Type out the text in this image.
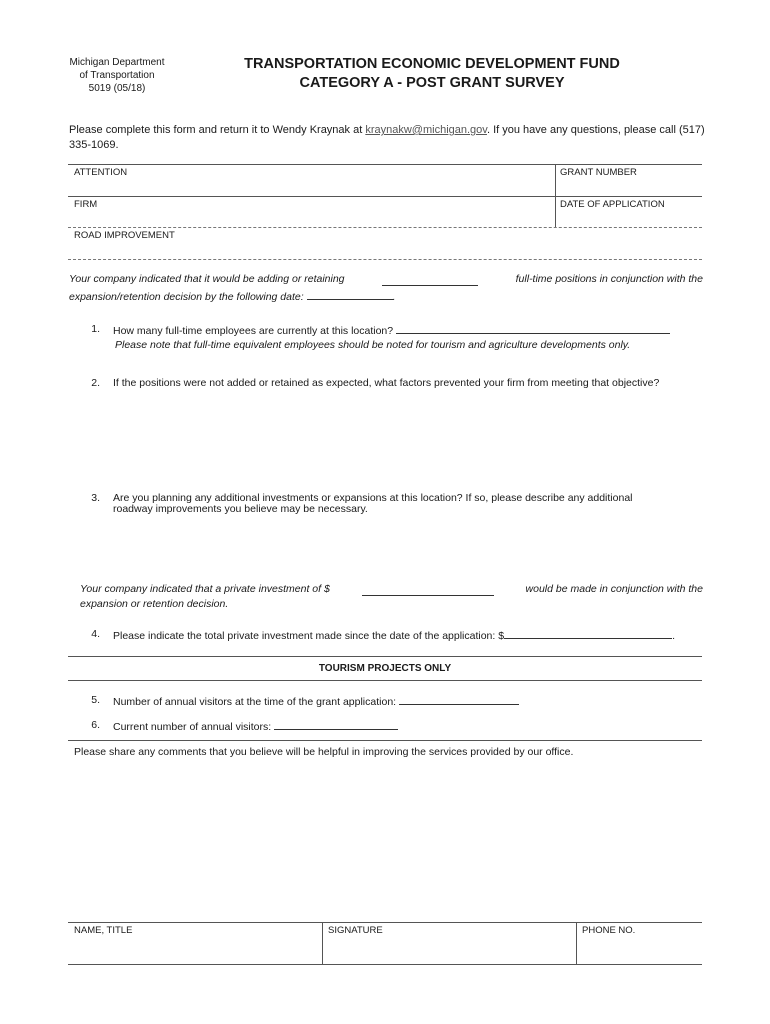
Michigan Department
of Transportation
5019 (05/18)
TRANSPORTATION ECONOMIC DEVELOPMENT FUND
CATEGORY A - POST GRANT SURVEY
Please complete this form and return it to Wendy Kraynak at kraynakw@michigan.gov. If you have any questions, please call (517) 335-1069.
ATTENTION	GRANT NUMBER
FIRM	DATE OF APPLICATION
ROAD IMPROVEMENT
Your company indicated that it would be adding or retaining	full-time positions in conjunction with the
expansion/retention decision by the following date:	.
1. How many full-time employees are currently at this location?
Please note that full-time equivalent employees should be noted for tourism and agriculture developments only.
2. If the positions were not added or retained as expected, what factors prevented your firm from meeting that objective?
3. Are you planning any additional investments or expansions at this location? If so, please describe any additional
roadway improvements you believe may be necessary.
Your company indicated that a private investment of $	would be made in conjunction with the
expansion or retention decision.
4. Please indicate the total private investment made since the date of the application: $	.
TOURISM PROJECTS ONLY
5. Number of annual visitors at the time of the grant application:
6. Current number of annual visitors:
Please share any comments that you believe will be helpful in improving the services provided by our office.
NAME, TITLE	SIGNATURE	PHONE NO.
